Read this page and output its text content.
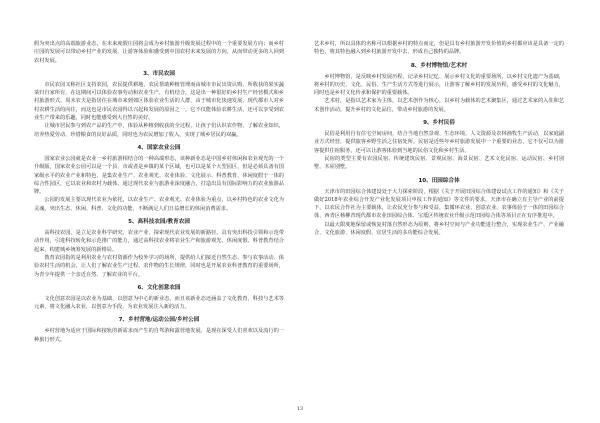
假为突出点的高端旅游业态，在未来度假庄园将会成为乡村旅游升级发展过程中的一个重要发展方向；而乡村庄园的发展可以带动乡村产业的发展，让游客体验和感受到中国农村未来发展的方向，从而带动更多的人回到农村发展。

3、市民农园

市民农园又称社区支持农园，农民提供耕地，农民帮助种植管理而由城市市民出资认购，所收获的果实蔬菜归自家所有，在这期间可以体验农事劳动和农业生产，有机结合，这是出一种很好的乡村生产经营模式和乡村旅游形式。周末农夫是指居住在城市来到郊区体验农业生活的人群，由于城市化快速发展，现代都市人对乡村农耕生活的向往，而这也是市民农园得以兴起和发展的原因之一，它不仅能体验农耕生活，还可以享受到农业生产带来的乐趣，同时也能感受到大自然的美好。

让城市居民参与到农产品的生产中，体验从种植到收获的全过程，让孩子们认识农作物，了解农业知识，培养热爱劳动、珍惜粮食的良好品质，同时也为农民增加了收入，实现了城乡居民的双赢。

4、国家农业公园

国家农业公园就是农业一乡村旅游相结合的一种高端形态，该种新业态是中国乡村休闲和农业观光的一个升级版，国家农业公园可以是一个县、市或者是乡镇的某个区域，也可以是某个大型园区，但是必须具备有国家级水平的农业产业和特色，是集农业生产、农业观光、农业体验、文化展示、科普教育、休闲度假于一体的综合性园区，它以农业和农村为载体，通过现代农业与旅游业深度融合，打造出具有国际影响力的农业旅游品牌。

公园的发展主要以现代农业为依托，以农业生产、农业观光、农业体验为重点，以乡村特色的农业文化为灵魂，突出生态、休闲、科普、文化的功能，不断满足人们日益增长的休闲消费需求。

5、高科技农园/教育农园

高科技农园，是立足农业科学研究、农业产业、探索现代农业发展的新路径，具有突出科技引领和示范带动作用，引进科技转化和示范推广的能力，通过高科技农业将农业生产和旅游观光、休闲度假、科普教育结合起来，构建城乡统筹发展的新格局。

教育农园指的是利用农业与农村资源作为校外学习的场所，提供给人们接近自然生态、参与农事活动、体验农村生活的机会，让人们了解农业生产过程、农作物的生长规律，同时也是开展农业科普教育的重要场所，为青少年提供一个亲近自然、了解农业的平台。

6、文化创意农园

文化创意农园是以农业为基础，以创意为中心的新业态，而且该新业态还涵盖了文化教育、科技与艺术等元素，将文化融入农业，以创意为手段，为农业发展注入新的活力。

7、乡村营地/运动公园/乡村公园

乡村营地为适应于国际和接轨的新需求而产生的自驾游和露营地发展，是现在深受人们喜欢以及流行的一种旅行形式。

艺术乡村，所以具体的名称可以根据乡村的特点而定，但是具有乡村旅游开发价值的乡村都应该是具备一定的特色，将其特色融入到乡村旅游开发中去，形成自己独特的品牌。

8、乡村博物馆/艺术村

乡村博物馆，是反映乡村发展历程、记录乡村记忆、展示乡村文化的重要场所，以乡村文化遗产为基础，将乡村的历史、文化、民俗、生产生活方式等进行展示，让游客了解乡村的发展历程，感受乡村的文化魅力，同时也是乡村文化传承和保护的重要载体。

艺术村，是指以艺术家为主体，以艺术创作为核心，以乡村为载体的艺术聚集区，通过艺术家的入驻和艺术创作活动，提升乡村的文化品位，带动乡村旅游的发展。

9、乡村民俗

民俗是利用自有住宅空间房间，结合当地自然景观、生态环境、人文资源及农林渔牧生产活动，以家庭副业方式经营，提供旅客乡野生活之住宿处所。民宿是近些年乡村旅游发展中一个重要的业态，它不仅可以为游客提供住宿服务，还可以让游客体验到当地的民俗文化和乡村生活。

民宿的类型主要有农园民宿、传统建筑民宿、景观民宿、海景民宿、艺术文化民宿、运动民宿、乡村别墅、木屋别墅。

10、田园综合体

天津市的田园综合体建设处于大力探索阶段，根据《关于开展田园综合体建设试点工作的通知》和《关于做好2018年农业综合开发产业化发展项目申报工作的通知》等文件的要求，天津市在确立有主导产业的前提下，以农民合作社为主要载体，让农民充分参与和受益，集循环农业、创意农业、农事体验于一体的田园综合体，西青区杨柳青现代都市农业田园综合体、宝坻区传统农业升级示范田园综合体等项目正在有序推进中。

以最大限度地保留或恢复村落自然形态为原则，将乡村空间与产业功能进行整合，实现农业生产、产业融合、文化旅游、休闲度假、宜居生活的多功能综合发展。

13
